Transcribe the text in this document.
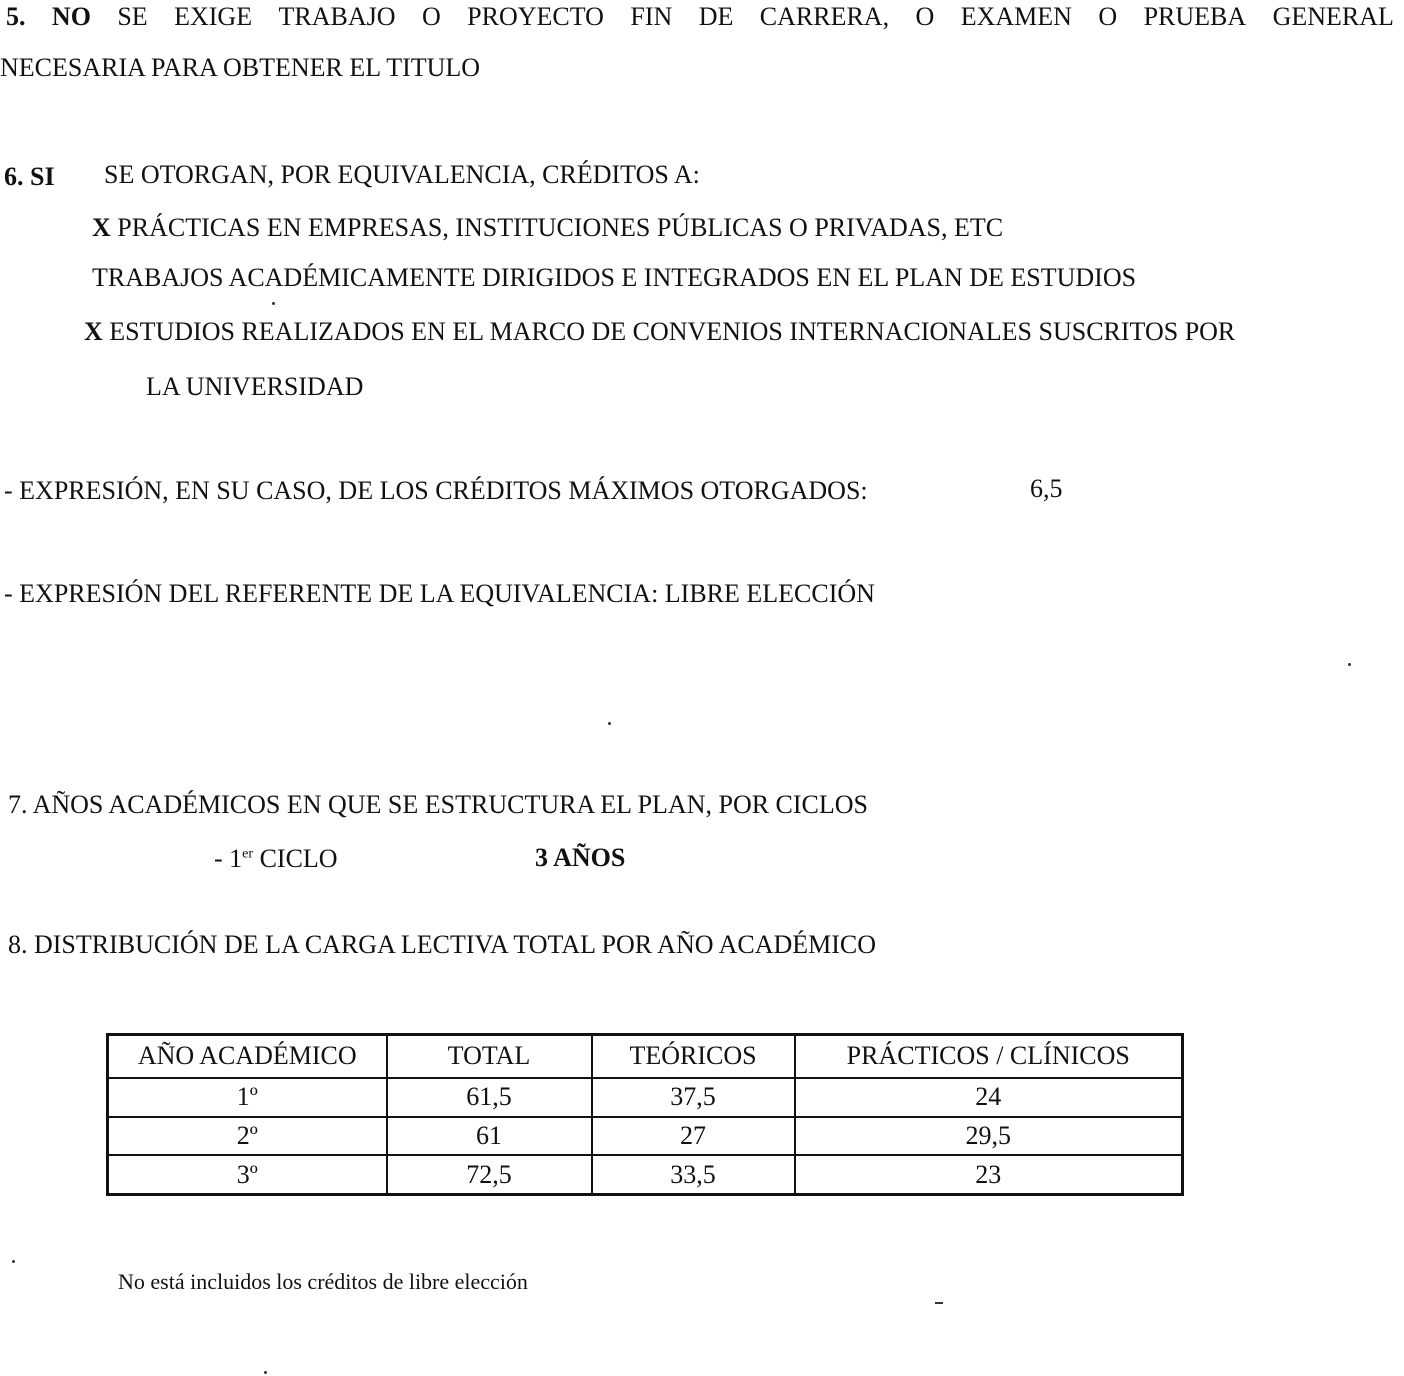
5. NO SE EXIGE TRABAJO O PROYECTO FIN DE CARRERA, O EXAMEN O PRUEBA GENERAL
NECESARIA PARA OBTENER EL TITULO
6. SI SE OTORGAN, POR EQUIVALENCIA, CRÉDITOS A:
X PRÁCTICAS EN EMPRESAS, INSTITUCIONES PÚBLICAS O PRIVADAS, ETC
TRABAJOS ACADÉMICAMENTE DIRIGIDOS E INTEGRADOS EN EL PLAN DE ESTUDIOS
X ESTUDIOS REALIZADOS EN EL MARCO DE CONVENIOS INTERNACIONALES SUSCRITOS POR
LA UNIVERSIDAD
- EXPRESIÓN, EN SU CASO, DE LOS CRÉDITOS MÁXIMOS OTORGADOS:	6,5
- EXPRESIÓN DEL REFERENTE DE LA EQUIVALENCIA: LIBRE ELECCIÓN
7. AÑOS ACADÉMICOS EN QUE SE ESTRUCTURA EL PLAN, POR CICLOS
- 1er CICLO	3 AÑOS
8. DISTRIBUCIÓN DE LA CARGA LECTIVA TOTAL POR AÑO ACADÉMICO
AÑO ACADÉMICO	TOTAL	TEÓRICOS	PRÁCTICOS / CLÍNICOS
1º	61,5	37,5	24
2º	61	27	29,5
3º	72,5	33,5	23
No está incluidos los créditos de libre elección
